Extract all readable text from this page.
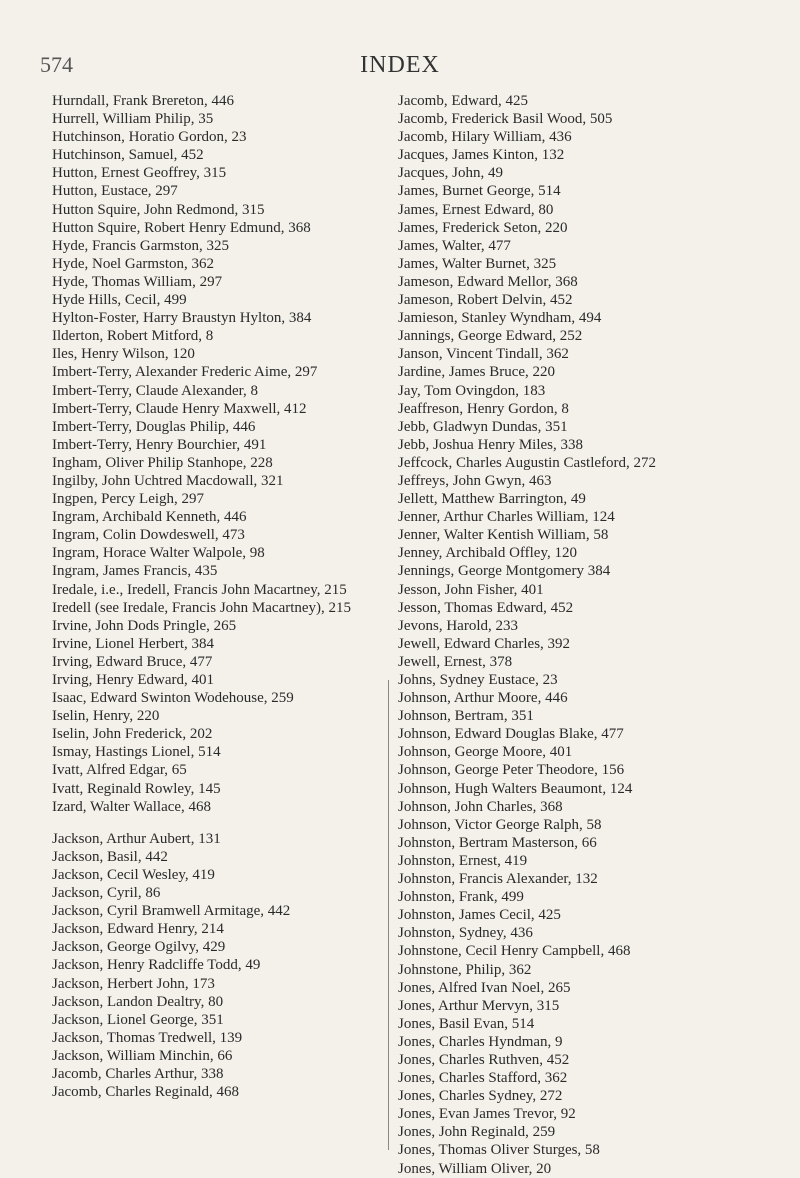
574	INDEX
Hurndall, Frank Brereton, 446
Hurrell, William Philip, 35
Hutchinson, Horatio Gordon, 23
Hutchinson, Samuel, 452
Hutton, Ernest Geoffrey, 315
Hutton, Eustace, 297
Hutton Squire, John Redmond, 315
Hutton Squire, Robert Henry Edmund, 368
Hyde, Francis Garmston, 325
Hyde, Noel Garmston, 362
Hyde, Thomas William, 297
Hyde Hills, Cecil, 499
Hylton-Foster, Harry Braustyn Hylton, 384
Ilderton, Robert Mitford, 8
Iles, Henry Wilson, 120
Imbert-Terry, Alexander Frederic Aime, 297
Imbert-Terry, Claude Alexander, 8
Imbert-Terry, Claude Henry Maxwell, 412
Imbert-Terry, Douglas Philip, 446
Imbert-Terry, Henry Bourchier, 491
Ingham, Oliver Philip Stanhope, 228
Ingilby, John Uchtred Macdowall, 321
Ingpen, Percy Leigh, 297
Ingram, Archibald Kenneth, 446
Ingram, Colin Dowdeswell, 473
Ingram, Horace Walter Walpole, 98
Ingram, James Francis, 435
Iredale, i.e., Iredell, Francis John Macartney, 215
Iredell (see Iredale, Francis John Macartney), 215
Irvine, John Dods Pringle, 265
Irvine, Lionel Herbert, 384
Irving, Edward Bruce, 477
Irving, Henry Edward, 401
Isaac, Edward Swinton Wodehouse, 259
Iselin, Henry, 220
Iselin, John Frederick, 202
Ismay, Hastings Lionel, 514
Ivatt, Alfred Edgar, 65
Ivatt, Reginald Rowley, 145
Izard, Walter Wallace, 468
Jackson, Arthur Aubert, 131
Jackson, Basil, 442
Jackson, Cecil Wesley, 419
Jackson, Cyril, 86
Jackson, Cyril Bramwell Armitage, 442
Jackson, Edward Henry, 214
Jackson, George Ogilvy, 429
Jackson, Henry Radcliffe Todd, 49
Jackson, Herbert John, 173
Jackson, Landon Dealtry, 80
Jackson, Lionel George, 351
Jackson, Thomas Tredwell, 139
Jackson, William Minchin, 66
Jacomb, Charles Arthur, 338
Jacomb, Charles Reginald, 468
Jacomb, Edward, 425
Jacomb, Frederick Basil Wood, 505
Jacomb, Hilary William, 436
Jacques, James Kinton, 132
Jacques, John, 49
James, Burnet George, 514
James, Ernest Edward, 80
James, Frederick Seton, 220
James, Walter, 477
James, Walter Burnet, 325
Jameson, Edward Mellor, 368
Jameson, Robert Delvin, 452
Jamieson, Stanley Wyndham, 494
Jannings, George Edward, 252
Janson, Vincent Tindall, 362
Jardine, James Bruce, 220
Jay, Tom Ovingdon, 183
Jeaffreson, Henry Gordon, 8
Jebb, Gladwyn Dundas, 351
Jebb, Joshua Henry Miles, 338
Jeffcock, Charles Augustin Castleford, 272
Jeffreys, John Gwyn, 463
Jellett, Matthew Barrington, 49
Jenner, Arthur Charles William, 124
Jenner, Walter Kentish William, 58
Jenney, Archibald Offley, 120
Jennings, George Montgomery 384
Jesson, John Fisher, 401
Jesson, Thomas Edward, 452
Jevons, Harold, 233
Jewell, Edward Charles, 392
Jewell, Ernest, 378
Johns, Sydney Eustace, 23
Johnson, Arthur Moore, 446
Johnson, Bertram, 351
Johnson, Edward Douglas Blake, 477
Johnson, George Moore, 401
Johnson, George Peter Theodore, 156
Johnson, Hugh Walters Beaumont, 124
Johnson, John Charles, 368
Johnson, Victor George Ralph, 58
Johnston, Bertram Masterson, 66
Johnston, Ernest, 419
Johnston, Francis Alexander, 132
Johnston, Frank, 499
Johnston, James Cecil, 425
Johnston, Sydney, 436
Johnstone, Cecil Henry Campbell, 468
Johnstone, Philip, 362
Jones, Alfred Ivan Noel, 265
Jones, Arthur Mervyn, 315
Jones, Basil Evan, 514
Jones, Charles Hyndman, 9
Jones, Charles Ruthven, 452
Jones, Charles Stafford, 362
Jones, Charles Sydney, 272
Jones, Evan James Trevor, 92
Jones, John Reginald, 259
Jones, Thomas Oliver Sturges, 58
Jones, William Oliver, 20
